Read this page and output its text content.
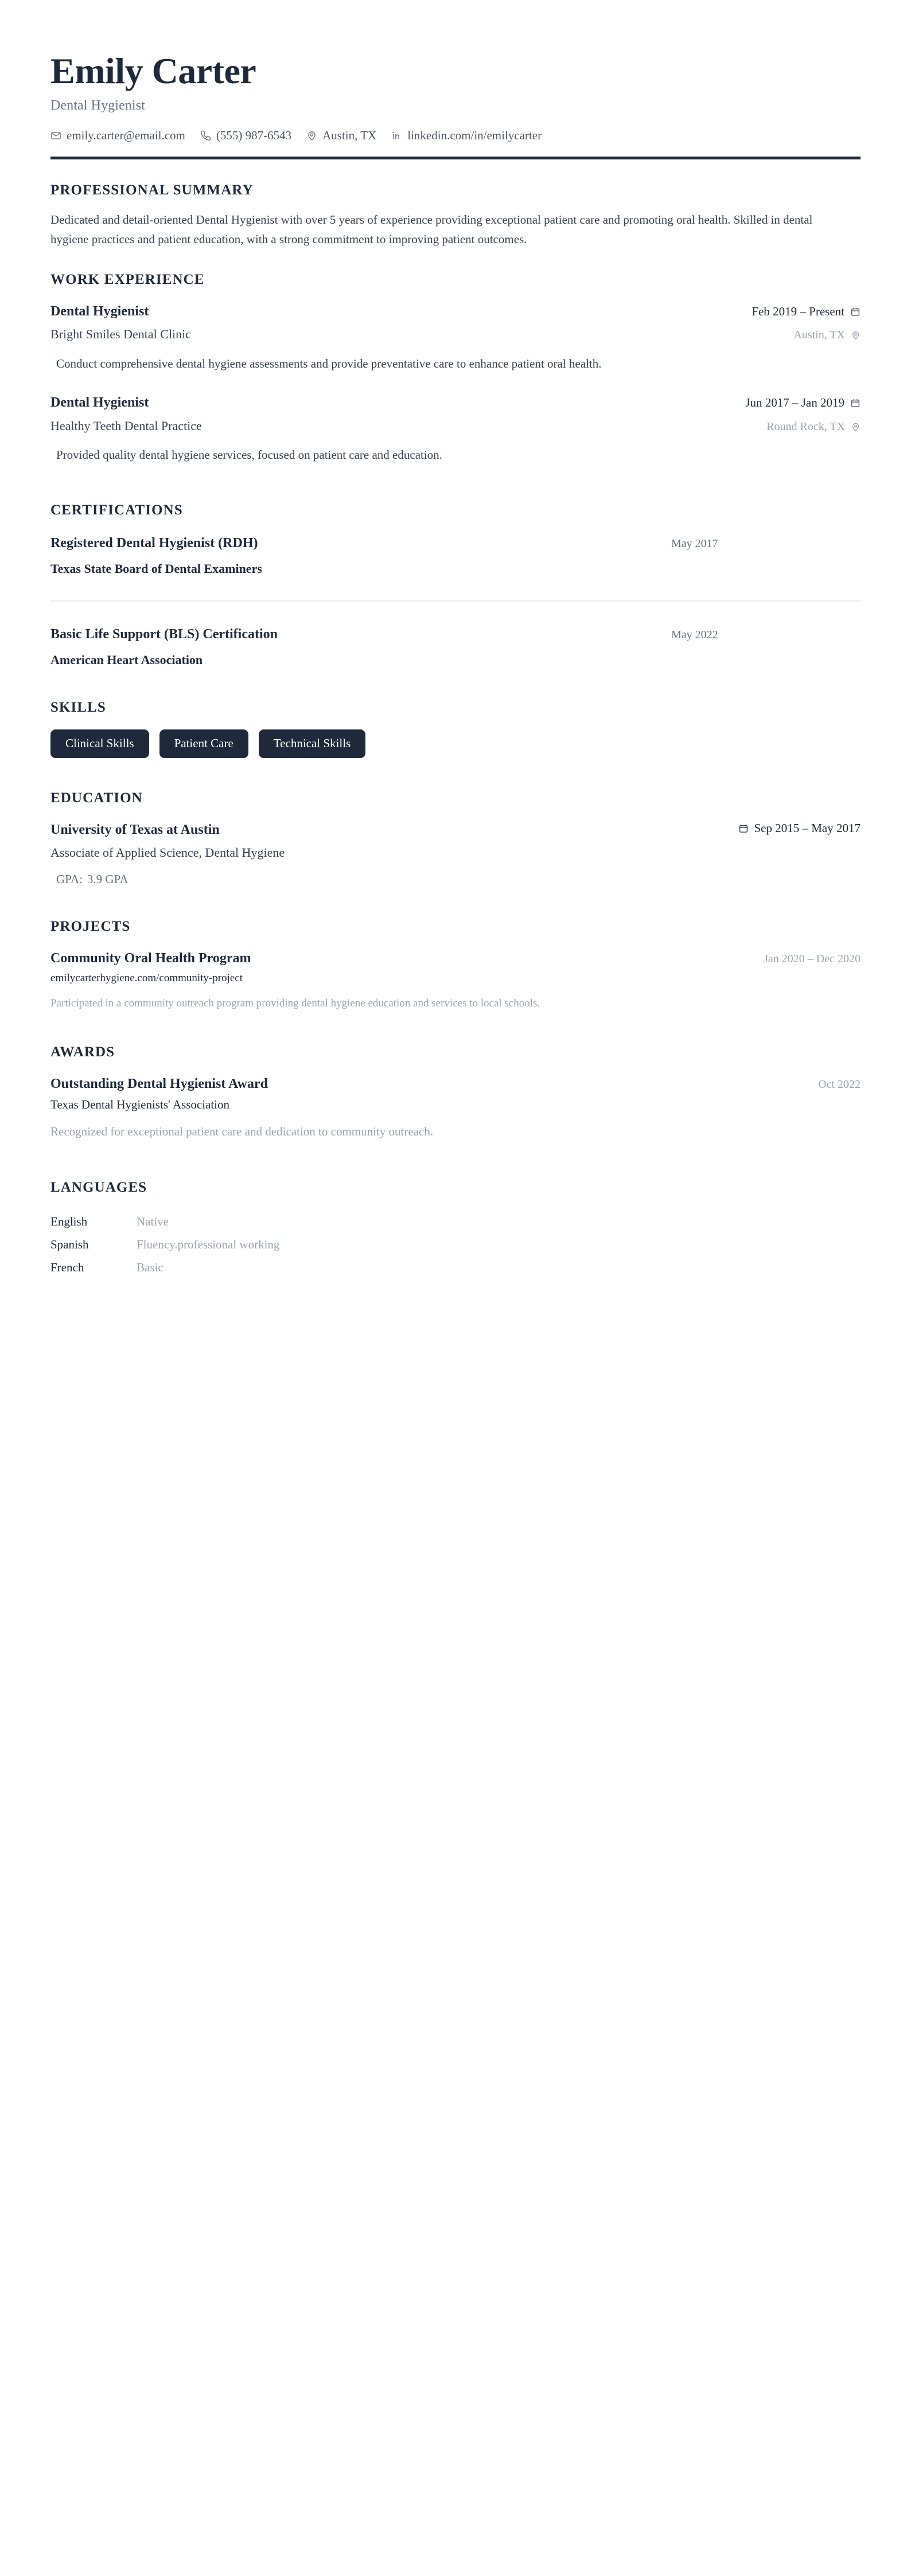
Emily Carter
Dental Hygienist
emily.carter@email.com	(555) 987-6543	Austin, TX	linkedin.com/in/emilycarter
PROFESSIONAL SUMMARY
Dedicated and detail-oriented Dental Hygienist with over 5 years of experience providing exceptional patient care and promoting oral health. Skilled in dental hygiene practices and patient education, with a strong commitment to improving patient outcomes.
WORK EXPERIENCE
Dental Hygienist	Feb 2019 – Present
Bright Smiles Dental Clinic	Austin, TX
Conduct comprehensive dental hygiene assessments and provide preventative care to enhance patient oral health.
Dental Hygienist	Jun 2017 – Jan 2019
Healthy Teeth Dental Practice	Round Rock, TX
Provided quality dental hygiene services, focused on patient care and education.
CERTIFICATIONS
Registered Dental Hygienist (RDH)	May 2017
Texas State Board of Dental Examiners
Basic Life Support (BLS) Certification	May 2022
American Heart Association
SKILLS
Clinical Skills	Patient Care	Technical Skills
EDUCATION
University of Texas at Austin	Sep 2015 – May 2017
Associate of Applied Science, Dental Hygiene
GPA: 3.9 GPA
PROJECTS
Community Oral Health Program	Jan 2020 – Dec 2020
emilycarterhygiene.com/community-project
Participated in a community outreach program providing dental hygiene education and services to local schools.
AWARDS
Outstanding Dental Hygienist Award	Oct 2022
Texas Dental Hygienists' Association
Recognized for exceptional patient care and dedication to community outreach.
LANGUAGES
English	Native
Spanish	Fluency.professional working
French	Basic
